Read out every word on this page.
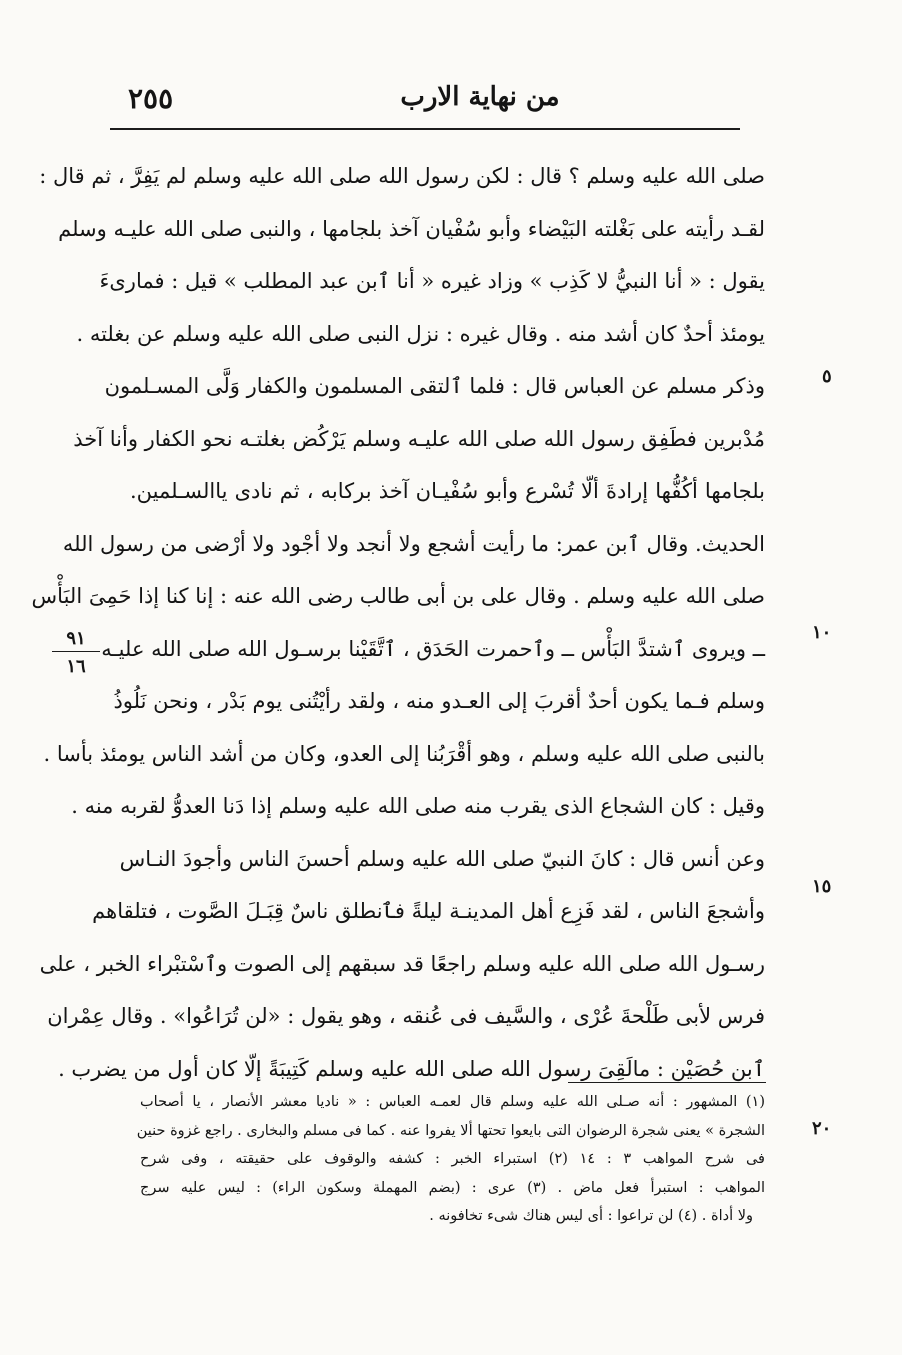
من نهاية الارب
٢٥٥
٥
١٠
١٥
٢٠
٩١
١٦
صلى الله عليه وسلم ؟ قال : لكن رسول الله صلى الله عليه وسلم لم يَفِرَّ ، ثم قال :
لقـد رأيته على بَغْلته البَيْضاء وأبو سُفْيان آخذ بلجامها ، والنبى صلى الله عليـه وسلم
يقول : « أنا النبيُّ لا كَذِب » وزاد غيره « أنا ٱبن عبد المطلب » قيل : فمارىءَ
يومئذ أحدٌ كان أشد منه . وقال غيره : نزل النبى صلى الله عليه وسلم عن بغلته .
وذكر مسلم عن العباس قال : فلما ٱلتقى المسلمون والكفار وَلَّى المسـلمون
مُدْبرين فطَفِق رسول الله صلى الله عليـه وسلم يَرْكُض بغلتـه نحو الكفار وأنا آخذ
بلجامها أكُفُّها إرادةَ ألّا تُسْرع وأبو سُفْيـان آخذ بركابه ، ثم نادى ياالسـلمين.
الحديث. وقال ٱبن عمر: ما رأيت أشجع ولا أنجد ولا أجْود ولا أرْضى من رسول الله
صلى الله عليه وسلم . وقال على بن أبى طالب رضى الله عنه : إنا كنا إذا حَمِىَ البَأْس
ــ ويروى ٱشتدَّ البَأْس ــ وٱحمرت الحَدَق ، ٱتَّقَيْنا برسـول الله صلى الله عليـه
وسلم فـما يكون أحدٌ أقربَ إلى العـدو منه ، ولقد رأيْتُنى يوم بَدْر ، ونحن نَلُوذُ
بالنبى صلى الله عليه وسلم ، وهو أقْرَبُنا إلى العدو، وكان من أشد الناس يومئذ بأسا .
وقيل : كان الشجاع الذى يقرب منه صلى الله عليه وسلم إذا دَنا العدوُّ لقربه منه .
وعن أنس قال : كانَ النبيّ صلى الله عليه وسلم أحسنَ الناس وأجودَ النـاس
وأشجعَ الناس ، لقد فَزِع أهل المدينـة ليلةً فٱنطلق ناسٌ قِبَـلَ الصَّوت ، فتلقاهم
رسـول الله صلى الله عليه وسلم راجعًا قد سبقهم إلى الصوت وٱسْتبْراء الخبر ، على
فرس لأبى طَلْحةَ عُرْى ، والسَّيف فى عُنقه ، وهو يقول : «لن تُرَاعُوا» . وقال عِمْران
ٱبن حُصَيْن : مالَقِىَ رسول الله صلى الله عليه وسلم كَتِيبَةً إلّا كان أول من يضرب .
(١) المشهور : أنه صـلى الله عليه وسلم قال لعمـه العباس : « ناديا معشر الأنصار ، يا أصحاب
الشجرة » يعنى شجرة الرضوان التى بايعوا تحتها ألا يفروا عنه . كما فى مسلم والبخارى . راجع غزوة حنين
فى شرح المواهب ٣ : ١٤ (٢) استبراء الخبر : كشفه والوقوف على حقيقته ، وفى شرح
المواهب : استبرأ فعل ماض . (٣) عرى : (بضم المهملة وسكون الراء) : ليس عليه سرج
ولا أداة . (٤) لن تراعوا : أى ليس هناك شىء تخافونه .
